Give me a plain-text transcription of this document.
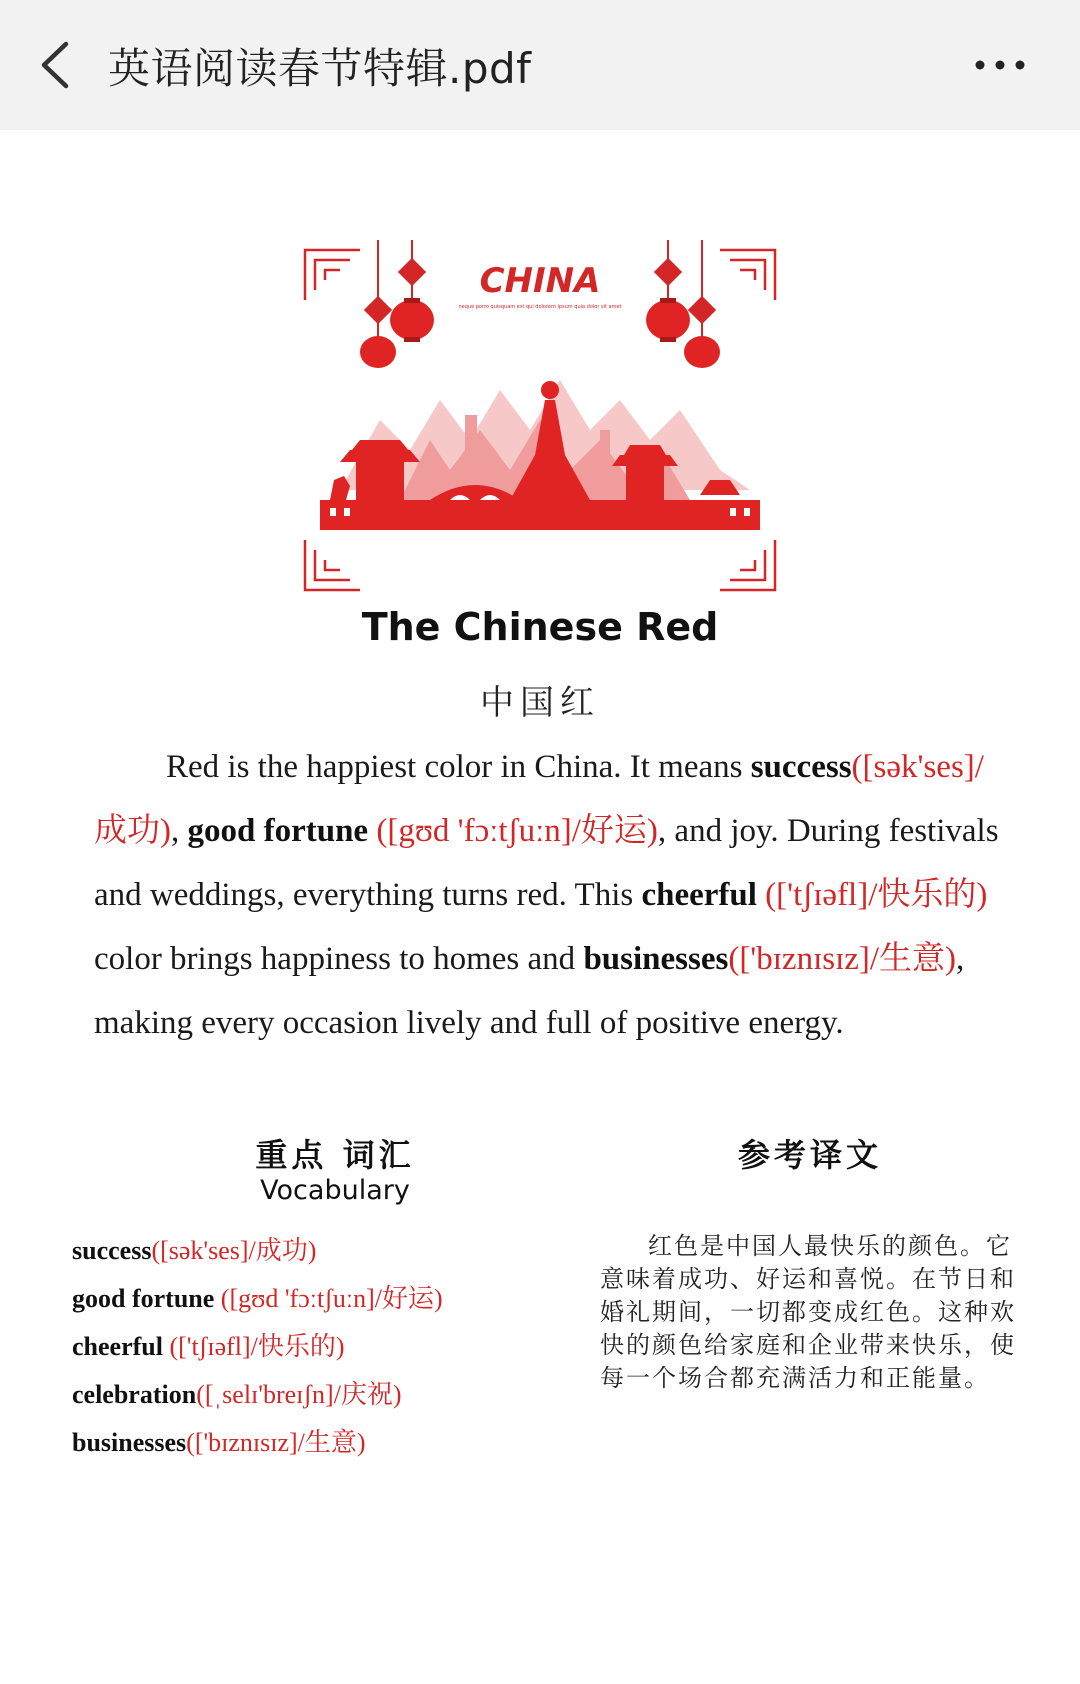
英语阅读春节特辑.pdf
CHINA
neque porro quisquam est qui dolorem ipsum quia dolor sit amet
The Chinese Red
中国红

Red is the happiest color in China. It means success([sək'ses]/成功), good fortune ([gʊd 'fɔːtʃuːn]/好运), and joy. During festivals and weddings, everything turns red. This cheerful (['tʃɪəfl]/快乐的) color brings happiness to homes and businesses(['bɪznɪsɪz]/生意), making every occasion lively and full of positive energy.

重点 词汇
Vocabulary
参考译文
success([sək'ses]/成功)
good fortune ([gʊd 'fɔːtʃuːn]/好运)
cheerful (['tʃɪəfl]/快乐的)
celebration([ˌselɪ'breɪʃn]/庆祝)
businesses(['bɪznɪsɪz]/生意)

红色是中国人最快乐的颜色。它意味着成功、好运和喜悦。在节日和婚礼期间，一切都变成红色。这种欢快的颜色给家庭和企业带来快乐，使每一个场合都充满活力和正能量。
